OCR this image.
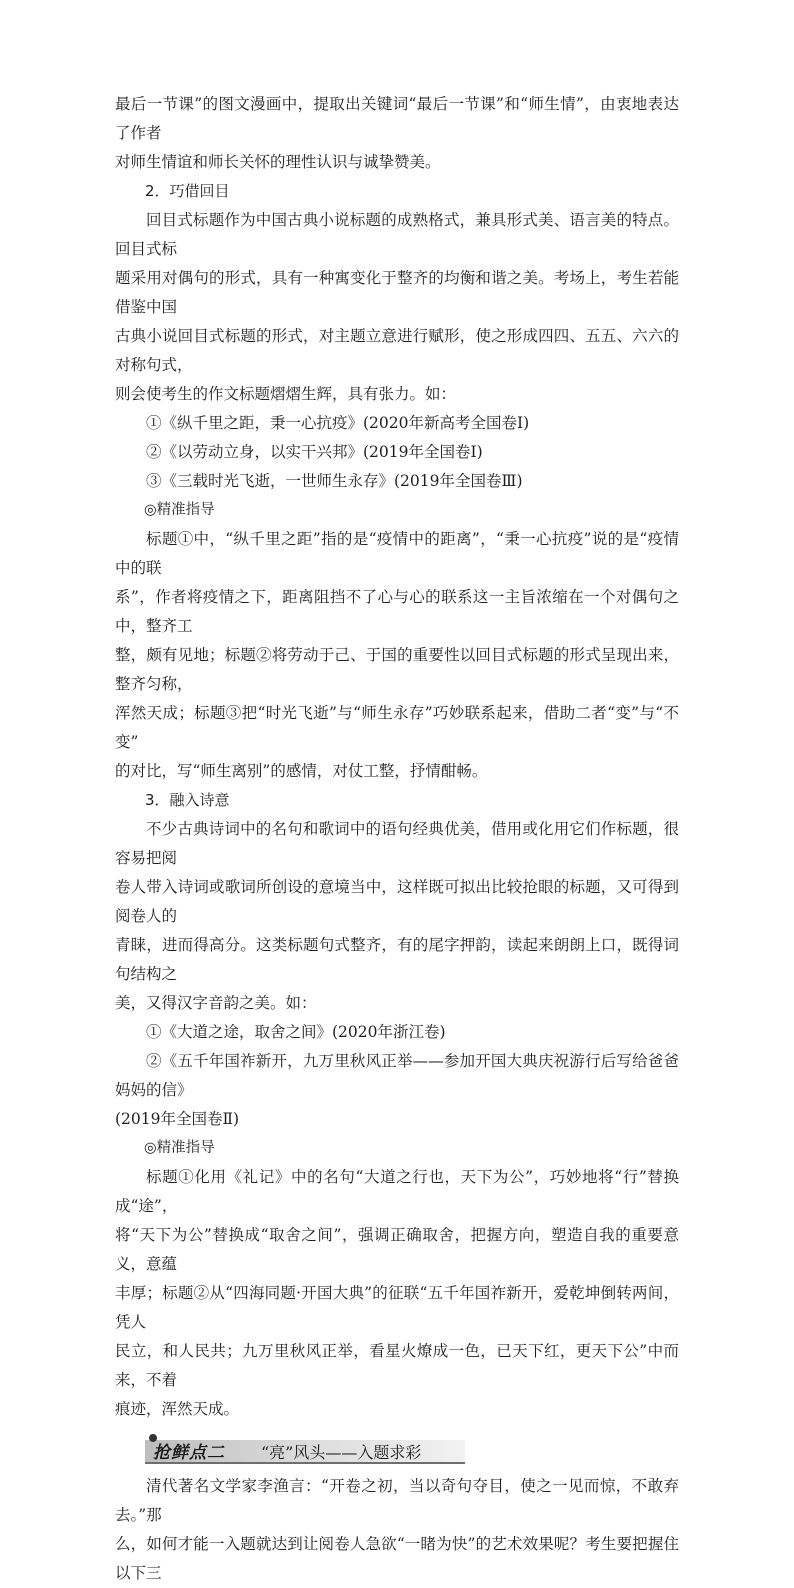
最后一节课”的图文漫画中，提取出关键词“最后一节课”和“师生情”，由衷地表达了作者
对师生情谊和师长关怀的理性认识与诚挚赞美。

2．巧借回目

回目式标题作为中国古典小说标题的成熟格式，兼具形式美、语言美的特点。回目式标
题采用对偶句的形式，具有一种寓变化于整齐的均衡和谐之美。考场上，考生若能借鉴中国
古典小说回目式标题的形式，对主题立意进行赋形，使之形成四四、五五、六六的对称句式，
则会使考生的作文标题熠熠生辉，具有张力。如：

①《纵千里之距，秉一心抗疫》(2020年新高考全国卷Ⅰ)

②《以劳动立身，以实干兴邦》(2019年全国卷Ⅰ)

③《三载时光飞逝，一世师生永存》(2019年全国卷Ⅲ)

◎精准指导

标题①中，“纵千里之距”指的是“疫情中的距离”，“秉一心抗疫”说的是“疫情中的联
系”，作者将疫情之下，距离阻挡不了心与心的联系这一主旨浓缩在一个对偶句之中，整齐工
整，颇有见地；标题②将劳动于己、于国的重要性以回目式标题的形式呈现出来，整齐匀称，
浑然天成；标题③把“时光飞逝”与“师生永存”巧妙联系起来，借助二者“变”与“不变”
的对比，写“师生离别”的感情，对仗工整，抒情酣畅。

3．融入诗意

不少古典诗词中的名句和歌词中的语句经典优美，借用或化用它们作标题，很容易把阅
卷人带入诗词或歌词所创设的意境当中，这样既可拟出比较抢眼的标题，又可得到阅卷人的
青睐，进而得高分。这类标题句式整齐，有的尾字押韵，读起来朗朗上口，既得词句结构之
美，又得汉字音韵之美。如：

①《大道之途，取舍之间》(2020年浙江卷)

②《五千年国祚新开，九万里秋风正举——参加开国大典庆祝游行后写给爸爸妈妈的信》
(2019年全国卷Ⅱ)

◎精准指导

标题①化用《礼记》中的名句“大道之行也，天下为公”，巧妙地将“行”替换成“途”，
将“天下为公”替换成“取舍之间”，强调正确取舍，把握方向，塑造自我的重要意义，意蕴
丰厚；标题②从“四海同题·开国大典”的征联“五千年国祚新开，爱乾坤倒转两间，凭人
民立，和人民共；九万里秋风正举，看星火燎成一色，已天下红，更天下公”中而来，不着
痕迹，浑然天成。

抢鲜点二 “亮”风头——入题求彩

清代著名文学家李渔言：“开卷之初，当以奇句夺目，使之一见而惊，不敢弃去。”那
么，如何才能一入题就达到让阅卷人急欲“一睹为快”的艺术效果呢？考生要把握住以下三
